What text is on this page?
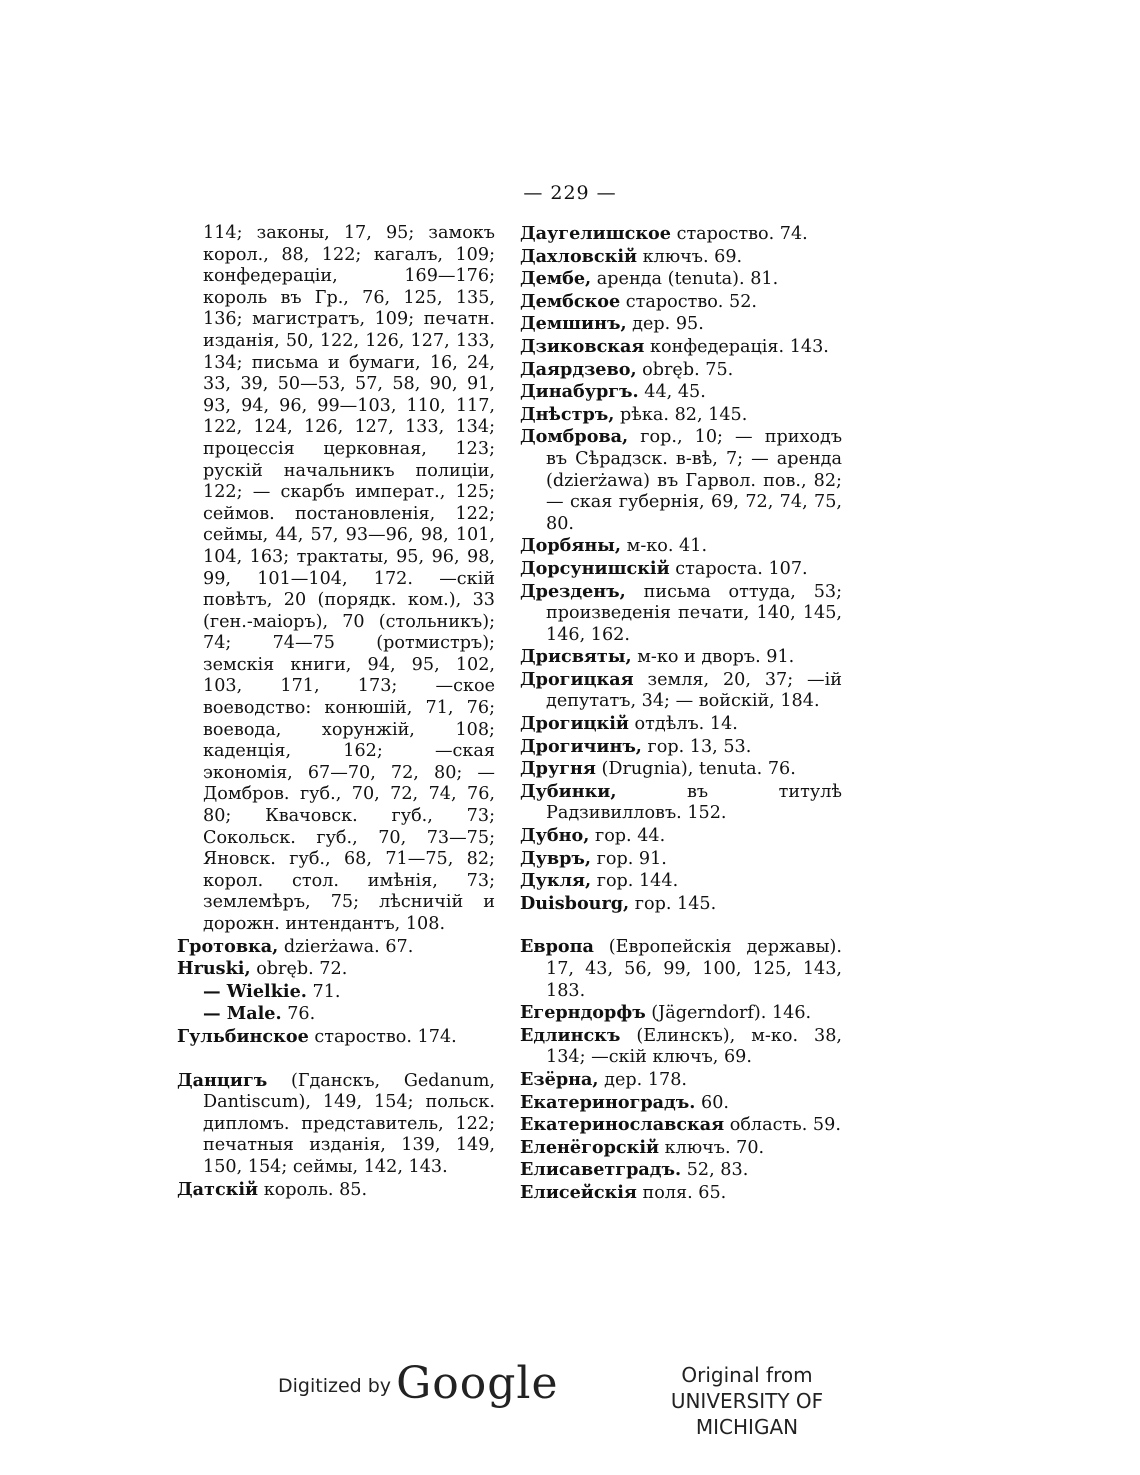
— 229 —
114; законы, 17, 95; замокъ корол., 88, 122; кагалъ, 109; конфедераціи, 169—176; король въ Гр., 76, 125, 135, 136; магистратъ, 109; печатн. изданія, 50, 122, 126, 127, 133, 134; письма и бумаги, 16, 24, 33, 39, 50—53, 57, 58, 90, 91, 93, 94, 96, 99—103, 110, 117, 122, 124, 126, 127, 133, 134; процессія церковная, 123; рускій начальникъ полиціи, 122; — скарбъ императ., 125; сеймов. постановленія, 122; сеймы, 44, 57, 93—96, 98, 101, 104, 163; трактаты, 95, 96, 98, 99, 101—104, 172. —скій повѣтъ, 20 (порядк. ком.), 33 (ген.-маіоръ), 70 (стольникъ); 74; 74—75 (ротмистръ); земскія книги, 94, 95, 102, 103, 171, 173; —ское воеводство: конюшій, 71, 76; воевода, хорунжій, 108; каденція, 162; —ская экономія, 67—70, 72, 80; —Домбров. губ., 70, 72, 74, 76, 80; Квачовск. губ., 73; Сокольск. губ., 70, 73—75; Яновск. губ., 68, 71—75, 82; корол. стол. имѣнія, 73; землемѣръ, 75; лѣсничій и дорожн. интендантъ, 108.
Гротовка, dzierżawa. 67.
Hruski, obręb. 72.
— Wielkie. 71.
— Male. 76.
Гульбинское староство. 174.
Данцигъ (Гданскъ, Gedanum, Dantiscum), 149, 154; польск. дипломъ. представитель, 122; печатныя изданія, 139, 149, 150, 154; сеймы, 142, 143.
Датскій король. 85.
Даугелишское староство. 74.
Дахловскій ключъ. 69.
Дембе, аренда (tenuta). 81.
Дембское староство. 52.
Демшинъ, дер. 95.
Дзиковская конфедерація. 143.
Даярдзево, obręb. 75.
Динабургъ. 44, 45.
Днѣстръ, рѣка. 82, 145.
Домброва, гор., 10; — приходъ въ Сѣрадзск. в-вѣ, 7; — аренда (dzierżawa) въ Гарвол. пов., 82; — ская губернія, 69, 72, 74, 75, 80.
Дорбяны, м-ко. 41.
Дорсунишскій староста. 107.
Дрезденъ, письма оттуда, 53; произведенія печати, 140, 145, 146, 162.
Дрисвяты, м-ко и дворъ. 91.
Дрогицкая земля, 20, 37; —ій депутатъ, 34; — войскій, 184.
Дрогицкій отдѣлъ. 14.
Дрогичинъ, гор. 13, 53.
Другня (Drugnia), tenuta. 76.
Дубинки,	въ титулѣ Радзивилловъ. 152.
Дубно, гор. 44.
Дувръ, гор. 91.
Дукля, гор. 144.
Duisbourg, гор. 145.
Европа (Европейскія державы). 17, 43, 56, 99, 100, 125, 143, 183.
Егерндорфъ (Jägerndorf). 146.
Едлинскъ (Елинскъ), м-ко. 38, 134; —скій ключъ, 69.
Езёрна, дер. 178.
Екатериноградъ. 60.
Екатеринославская область. 59.
Еленёгорскій ключъ. 70.
Елисаветградъ. 52, 83.
Елисейскія поля. 65.
Digitized by Google	Original from
UNIVERSITY OF MICHIGAN
